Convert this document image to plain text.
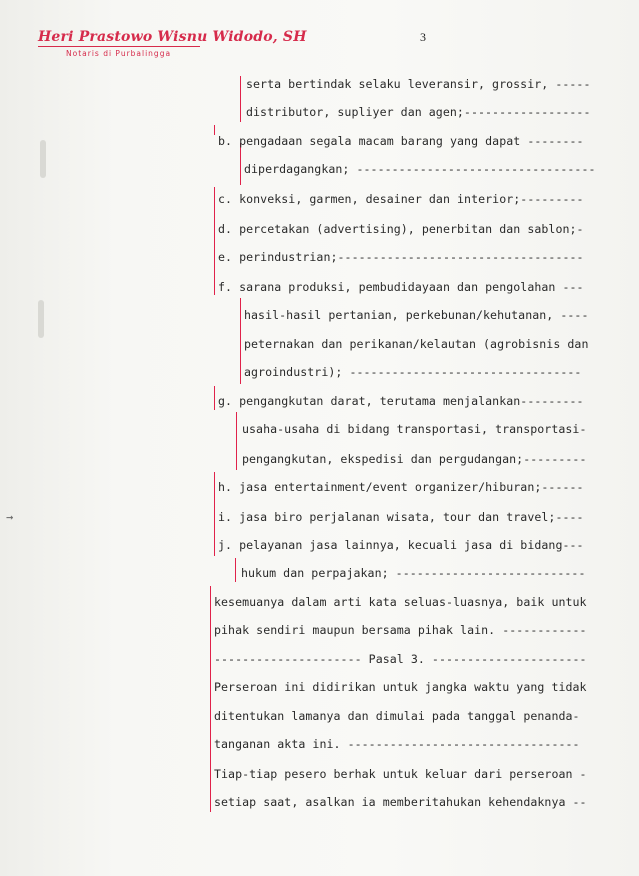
Heri Prastowo Wisnu Widodo, SH
Notaris di Purbalingga
3
→
serta bertindak selaku leveransir, grossir, -----
distributor, supliyer dan agen;------------------
b. pengadaan segala macam barang yang dapat --------
diperdagangkan; ----------------------------------
c. konveksi, garmen, desainer dan interior;---------
d. percetakan (advertising), penerbitan dan sablon;-
e. perindustrian;-----------------------------------
f. sarana produksi, pembudidayaan dan pengolahan ---
hasil-hasil pertanian, perkebunan/kehutanan, ----
peternakan dan perikanan/kelautan (agrobisnis dan
agroindustri); ---------------------------------
g. pengangkutan darat, terutama menjalankan---------
usaha-usaha di bidang transportasi, transportasi-
pengangkutan, ekspedisi dan pergudangan;---------
h. jasa entertainment/event organizer/hiburan;------
i. jasa biro perjalanan wisata, tour dan travel;----
j. pelayanan jasa lainnya, kecuali jasa di bidang---
hukum dan perpajakan; ---------------------------
kesemuanya dalam arti kata seluas-luasnya, baik untuk
pihak sendiri maupun bersama pihak lain. ------------
--------------------- Pasal 3. ----------------------
Perseroan ini didirikan untuk jangka waktu yang tidak
ditentukan lamanya dan dimulai pada tanggal penanda-
tanganan akta ini. ---------------------------------
Tiap-tiap pesero berhak untuk keluar dari perseroan -
setiap saat, asalkan ia memberitahukan kehendaknya --
